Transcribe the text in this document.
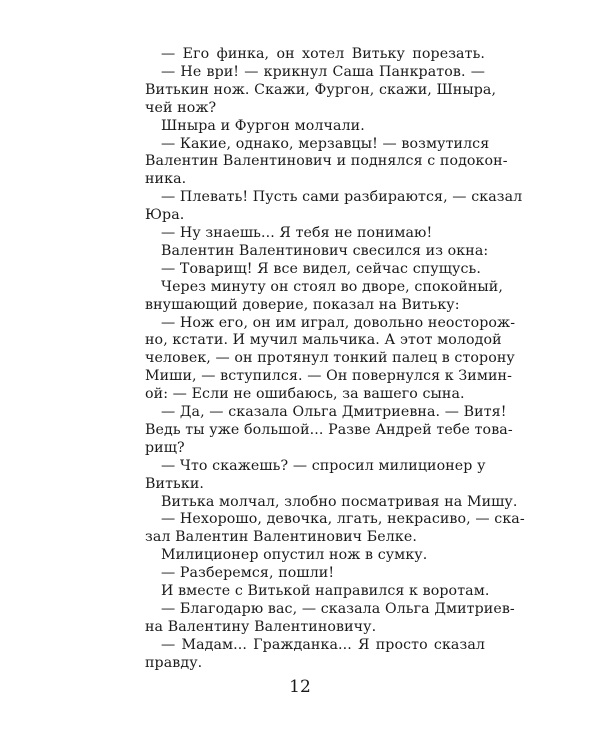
— Его финка, он хотел Витьку порезать.
— Не ври! — крикнул Саша Панкратов. —
Витькин нож. Скажи, Фургон, скажи, Шныра,
чей нож?
Шныра и Фургон молчали.
— Какие, однако, мерзавцы! — возмутился
Валентин Валентинович и поднялся с подокон-
ника.
— Плевать! Пусть сами разбираются, — сказал
Юра.
— Ну знаешь... Я тебя не понимаю!
Валентин Валентинович свесился из окна:
— Товарищ! Я все видел, сейчас спущусь.
Через минуту он стоял во дворе, спокойный,
внушающий доверие, показал на Витьку:
— Нож его, он им играл, довольно неосторож-
но, кстати. И мучил мальчика. А этот молодой
человек, — он протянул тонкий палец в сторону
Миши, — вступился. — Он повернулся к Зимин-
ой: — Если не ошибаюсь, за вашего сына.
— Да, — сказала Ольга Дмитриевна. — Витя!
Ведь ты уже большой... Разве Андрей тебе това-
рищ?
— Что скажешь? — спросил милиционер у
Витьки.
Витька молчал, злобно посматривая на Мишу.
— Нехорошо, девочка, лгать, некрасиво, — ска-
зал Валентин Валентинович Белке.
Милиционер опустил нож в сумку.
— Разберемся, пошли!
И вместе с Витькой направился к воротам.
— Благодарю вас, — сказала Ольга Дмитриев-
на Валентину Валентиновичу.
— Мадам... Гражданка... Я просто сказал
правду.
12
